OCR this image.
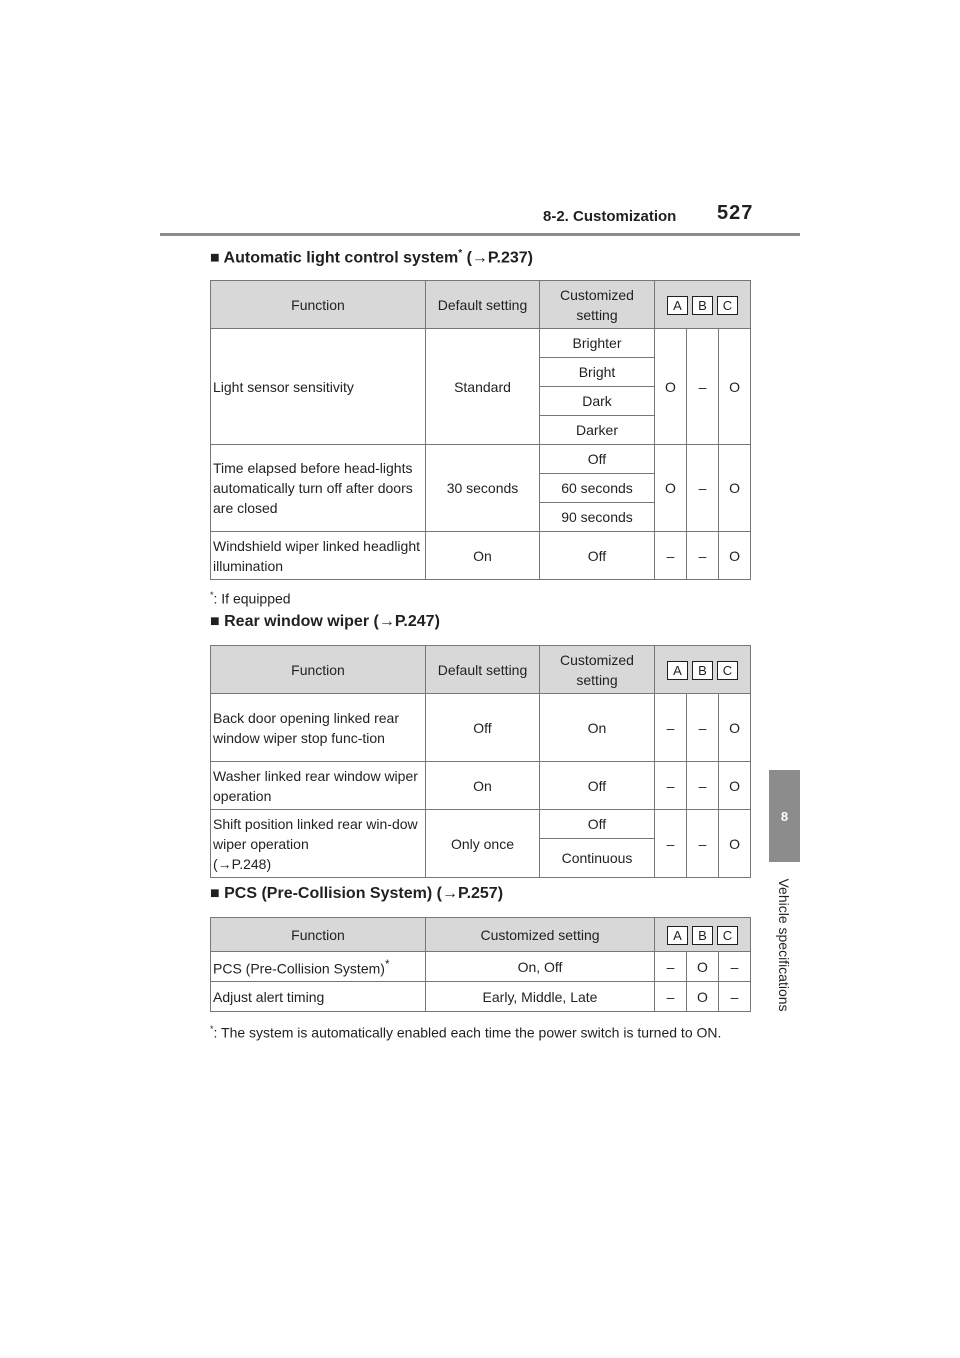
8-2. Customization 527
8
Vehicle specifications
■ Automatic light control system* (→P.237)
Function	Default setting	Customized setting	A B C		

Light sensor sensitivity	Standard	Brighter	O	–	O
		Bright			
		Dark			
		Darker			
Time elapsed before head-lights automatically turn off after doors are closed	30 seconds	Off	O	–	O
		60 seconds			
		90 seconds			
Windshield wiper linked headlight illumination	On	Off	–	–	O
*: If equipped
■ Rear window wiper (→P.247)
Function	Default setting	Customized setting	A B C		

Back door opening linked rear window wiper stop func-tion	Off	On	–	–	O
Washer linked rear window wiper operation	On	Off	–	–	O
Shift position linked rear win-dow wiper operation
(→P.248)	Only once	Off	–	–	O
		Continuous			
■ PCS (Pre-Collision System) (→P.257)
Function	Customized setting	A B C		

PCS (Pre-Collision System)*	On, Off	–	O	–
Adjust alert timing	Early, Middle, Late	–	O	–
*: The system is automatically enabled each time the power switch is turned to ON.
